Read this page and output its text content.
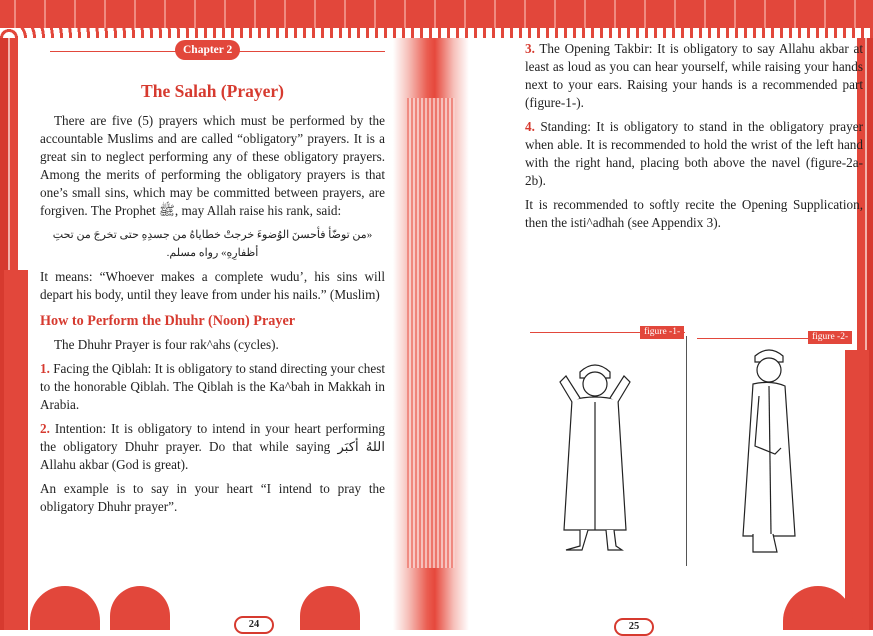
Chapter 2
The Salah (Prayer)

There are five (5) prayers which must be performed by the accountable Muslims and are called “obligatory” prayers. It is a great sin to neglect performing any of these obligatory prayers. Among the merits of performing the obligatory prayers is that one’s small sins, which may be committed between prayers, are forgiven. The Prophet ﷺ, may Allah raise his rank, said:

«من توضّأ فأحسنَ الوُضوءَ خرجتْ خطاياهُ من جسدِهِ حتى تخرجَ من تحتِ أظفارِهِ» رواه مسلم.

It means: “Whoever makes a complete wudu’, his sins will depart his body, until they leave from under his nails.” (Muslim)

How to Perform the Dhuhr (Noon) Prayer

The Dhuhr Prayer is four rak^ahs (cycles).

1. Facing the Qiblah: It is obligatory to stand directing your chest to the honorable Qiblah. The Qiblah is the Ka^bah in Makkah in Arabia.

2. Intention: It is obligatory to intend in your heart performing the obligatory Dhuhr prayer. Do that while saying اللهُ أكبَر Allahu akbar (God is great).

An example is to say in your heart “I intend to pray the obligatory Dhuhr prayer”.

24

3. The Opening Takbir: It is obligatory to say Allahu akbar at least as loud as you can hear yourself, while raising your hands next to your ears. Raising your hands is a recommended part (figure-1-).

4. Standing: It is obligatory to stand in the obligatory prayer when able. It is recommended to hold the wrist of the left hand with the right hand, placing both above the navel (figure-2a-2b).

It is recommended to softly recite the Opening Supplication, then the isti^adhah (see Appendix 3).

figure -1-	figure -2-
25
